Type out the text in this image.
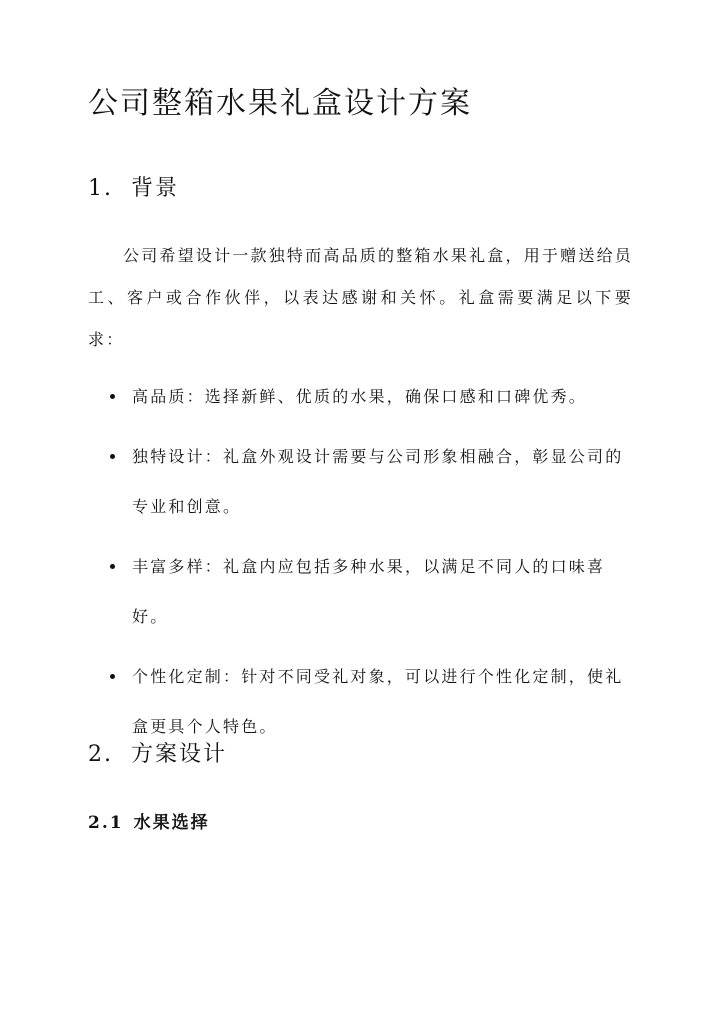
公司整箱水果礼盒设计方案
1. 背景

公司希望设计一款独特而高品质的整箱水果礼盒，用于赠送给员工、客户或合作伙伴，以表达感谢和关怀。礼盒需要满足以下要求：

高品质：选择新鲜、优质的水果，确保口感和口碑优秀。
独特设计：礼盒外观设计需要与公司形象相融合，彰显公司的专业和创意。
丰富多样：礼盒内应包括多种水果，以满足不同人的口味喜好。
个性化定制：针对不同受礼对象，可以进行个性化定制，使礼盒更具个人特色。
2. 方案设计
2.1 水果选择
